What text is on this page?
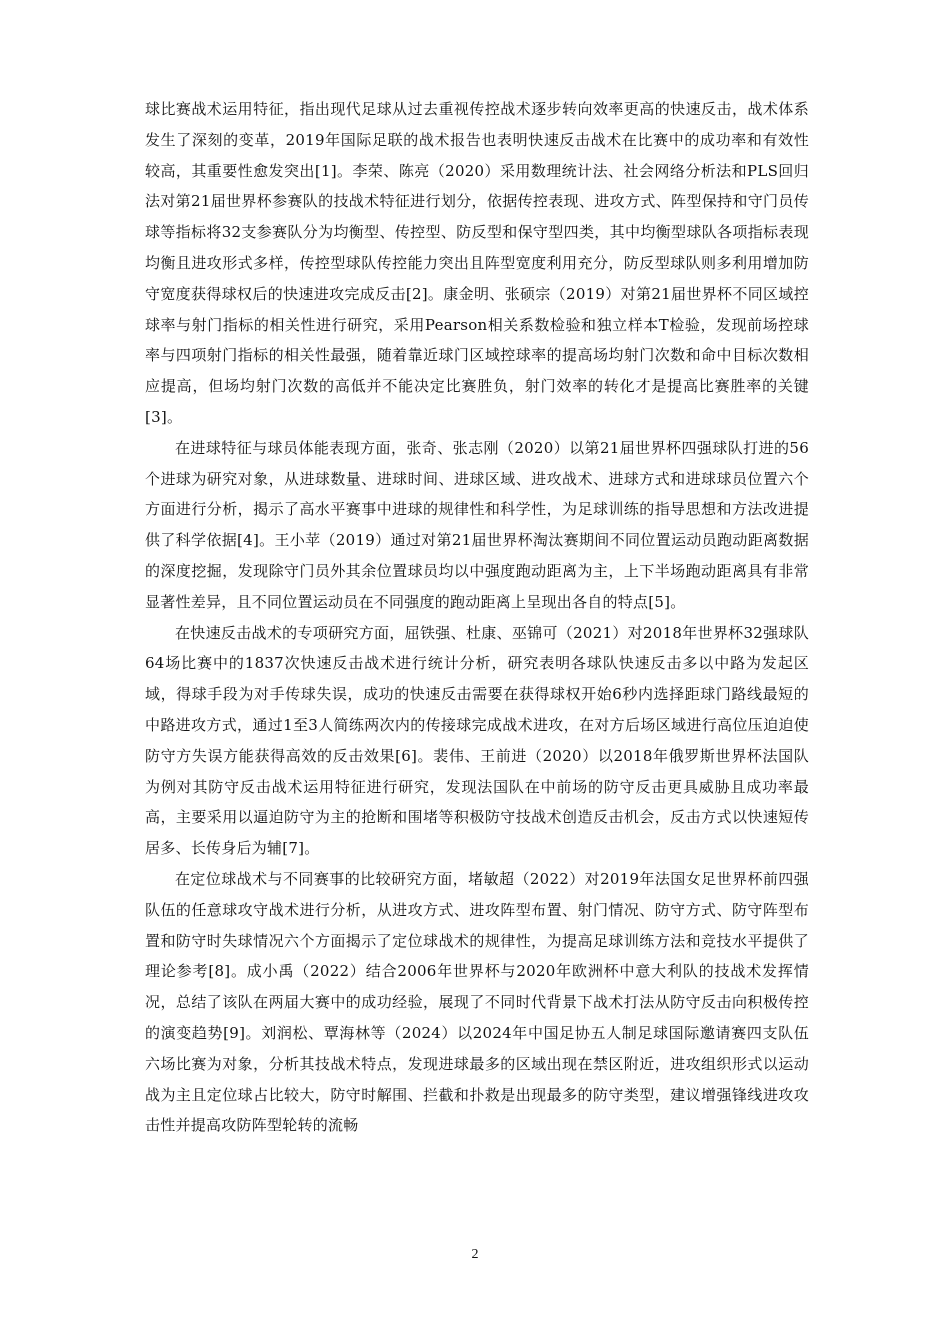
球比赛战术运用特征，指出现代足球从过去重视传控战术逐步转向效率更高的快速反击，战术体系发生了深刻的变革，2019年国际足联的战术报告也表明快速反击战术在比赛中的成功率和有效性较高，其重要性愈发突出[1]。李荣、陈亮（2020）采用数理统计法、社会网络分析法和PLS回归法对第21届世界杯参赛队的技战术特征进行划分，依据传控表现、进攻方式、阵型保持和守门员传球等指标将32支参赛队分为均衡型、传控型、防反型和保守型四类，其中均衡型球队各项指标表现均衡且进攻形式多样，传控型球队传控能力突出且阵型宽度利用充分，防反型球队则多利用增加防守宽度获得球权后的快速进攻完成反击[2]。康金明、张硕宗（2019）对第21届世界杯不同区域控球率与射门指标的相关性进行研究，采用Pearson相关系数检验和独立样本T检验，发现前场控球率与四项射门指标的相关性最强，随着靠近球门区域控球率的提高场均射门次数和命中目标次数相应提高，但场均射门次数的高低并不能决定比赛胜负，射门效率的转化才是提高比赛胜率的关键[3]。

在进球特征与球员体能表现方面，张奇、张志刚（2020）以第21届世界杯四强球队打进的56个进球为研究对象，从进球数量、进球时间、进球区域、进攻战术、进球方式和进球球员位置六个方面进行分析，揭示了高水平赛事中进球的规律性和科学性，为足球训练的指导思想和方法改进提供了科学依据[4]。王小苹（2019）通过对第21届世界杯淘汰赛期间不同位置运动员跑动距离数据的深度挖掘，发现除守门员外其余位置球员均以中强度跑动距离为主，上下半场跑动距离具有非常显著性差异，且不同位置运动员在不同强度的跑动距离上呈现出各自的特点[5]。

在快速反击战术的专项研究方面，屈铁强、杜康、巫锦可（2021）对2018年世界杯32强球队64场比赛中的1837次快速反击战术进行统计分析，研究表明各球队快速反击多以中路为发起区域，得球手段为对手传球失误，成功的快速反击需要在获得球权开始6秒内选择距球门路线最短的中路进攻方式，通过1至3人简练两次内的传接球完成战术进攻，在对方后场区域进行高位压迫迫使防守方失误方能获得高效的反击效果[6]。裴伟、王前进（2020）以2018年俄罗斯世界杯法国队为例对其防守反击战术运用特征进行研究，发现法国队在中前场的防守反击更具威胁且成功率最高，主要采用以逼迫防守为主的抢断和围堵等积极防守技战术创造反击机会，反击方式以快速短传居多、长传身后为辅[7]。

在定位球战术与不同赛事的比较研究方面，堵敏超（2022）对2019年法国女足世界杯前四强队伍的任意球攻守战术进行分析，从进攻方式、进攻阵型布置、射门情况、防守方式、防守阵型布置和防守时失球情况六个方面揭示了定位球战术的规律性，为提高足球训练方法和竞技水平提供了理论参考[8]。成小禹（2022）结合2006年世界杯与2020年欧洲杯中意大利队的技战术发挥情况，总结了该队在两届大赛中的成功经验，展现了不同时代背景下战术打法从防守反击向积极传控的演变趋势[9]。刘润松、覃海林等（2024）以2024年中国足协五人制足球国际邀请赛四支队伍六场比赛为对象，分析其技战术特点，发现进球最多的区域出现在禁区附近，进攻组织形式以运动战为主且定位球占比较大，防守时解围、拦截和扑救是出现最多的防守类型，建议增强锋线进攻攻击性并提高攻防阵型轮转的流畅

2
